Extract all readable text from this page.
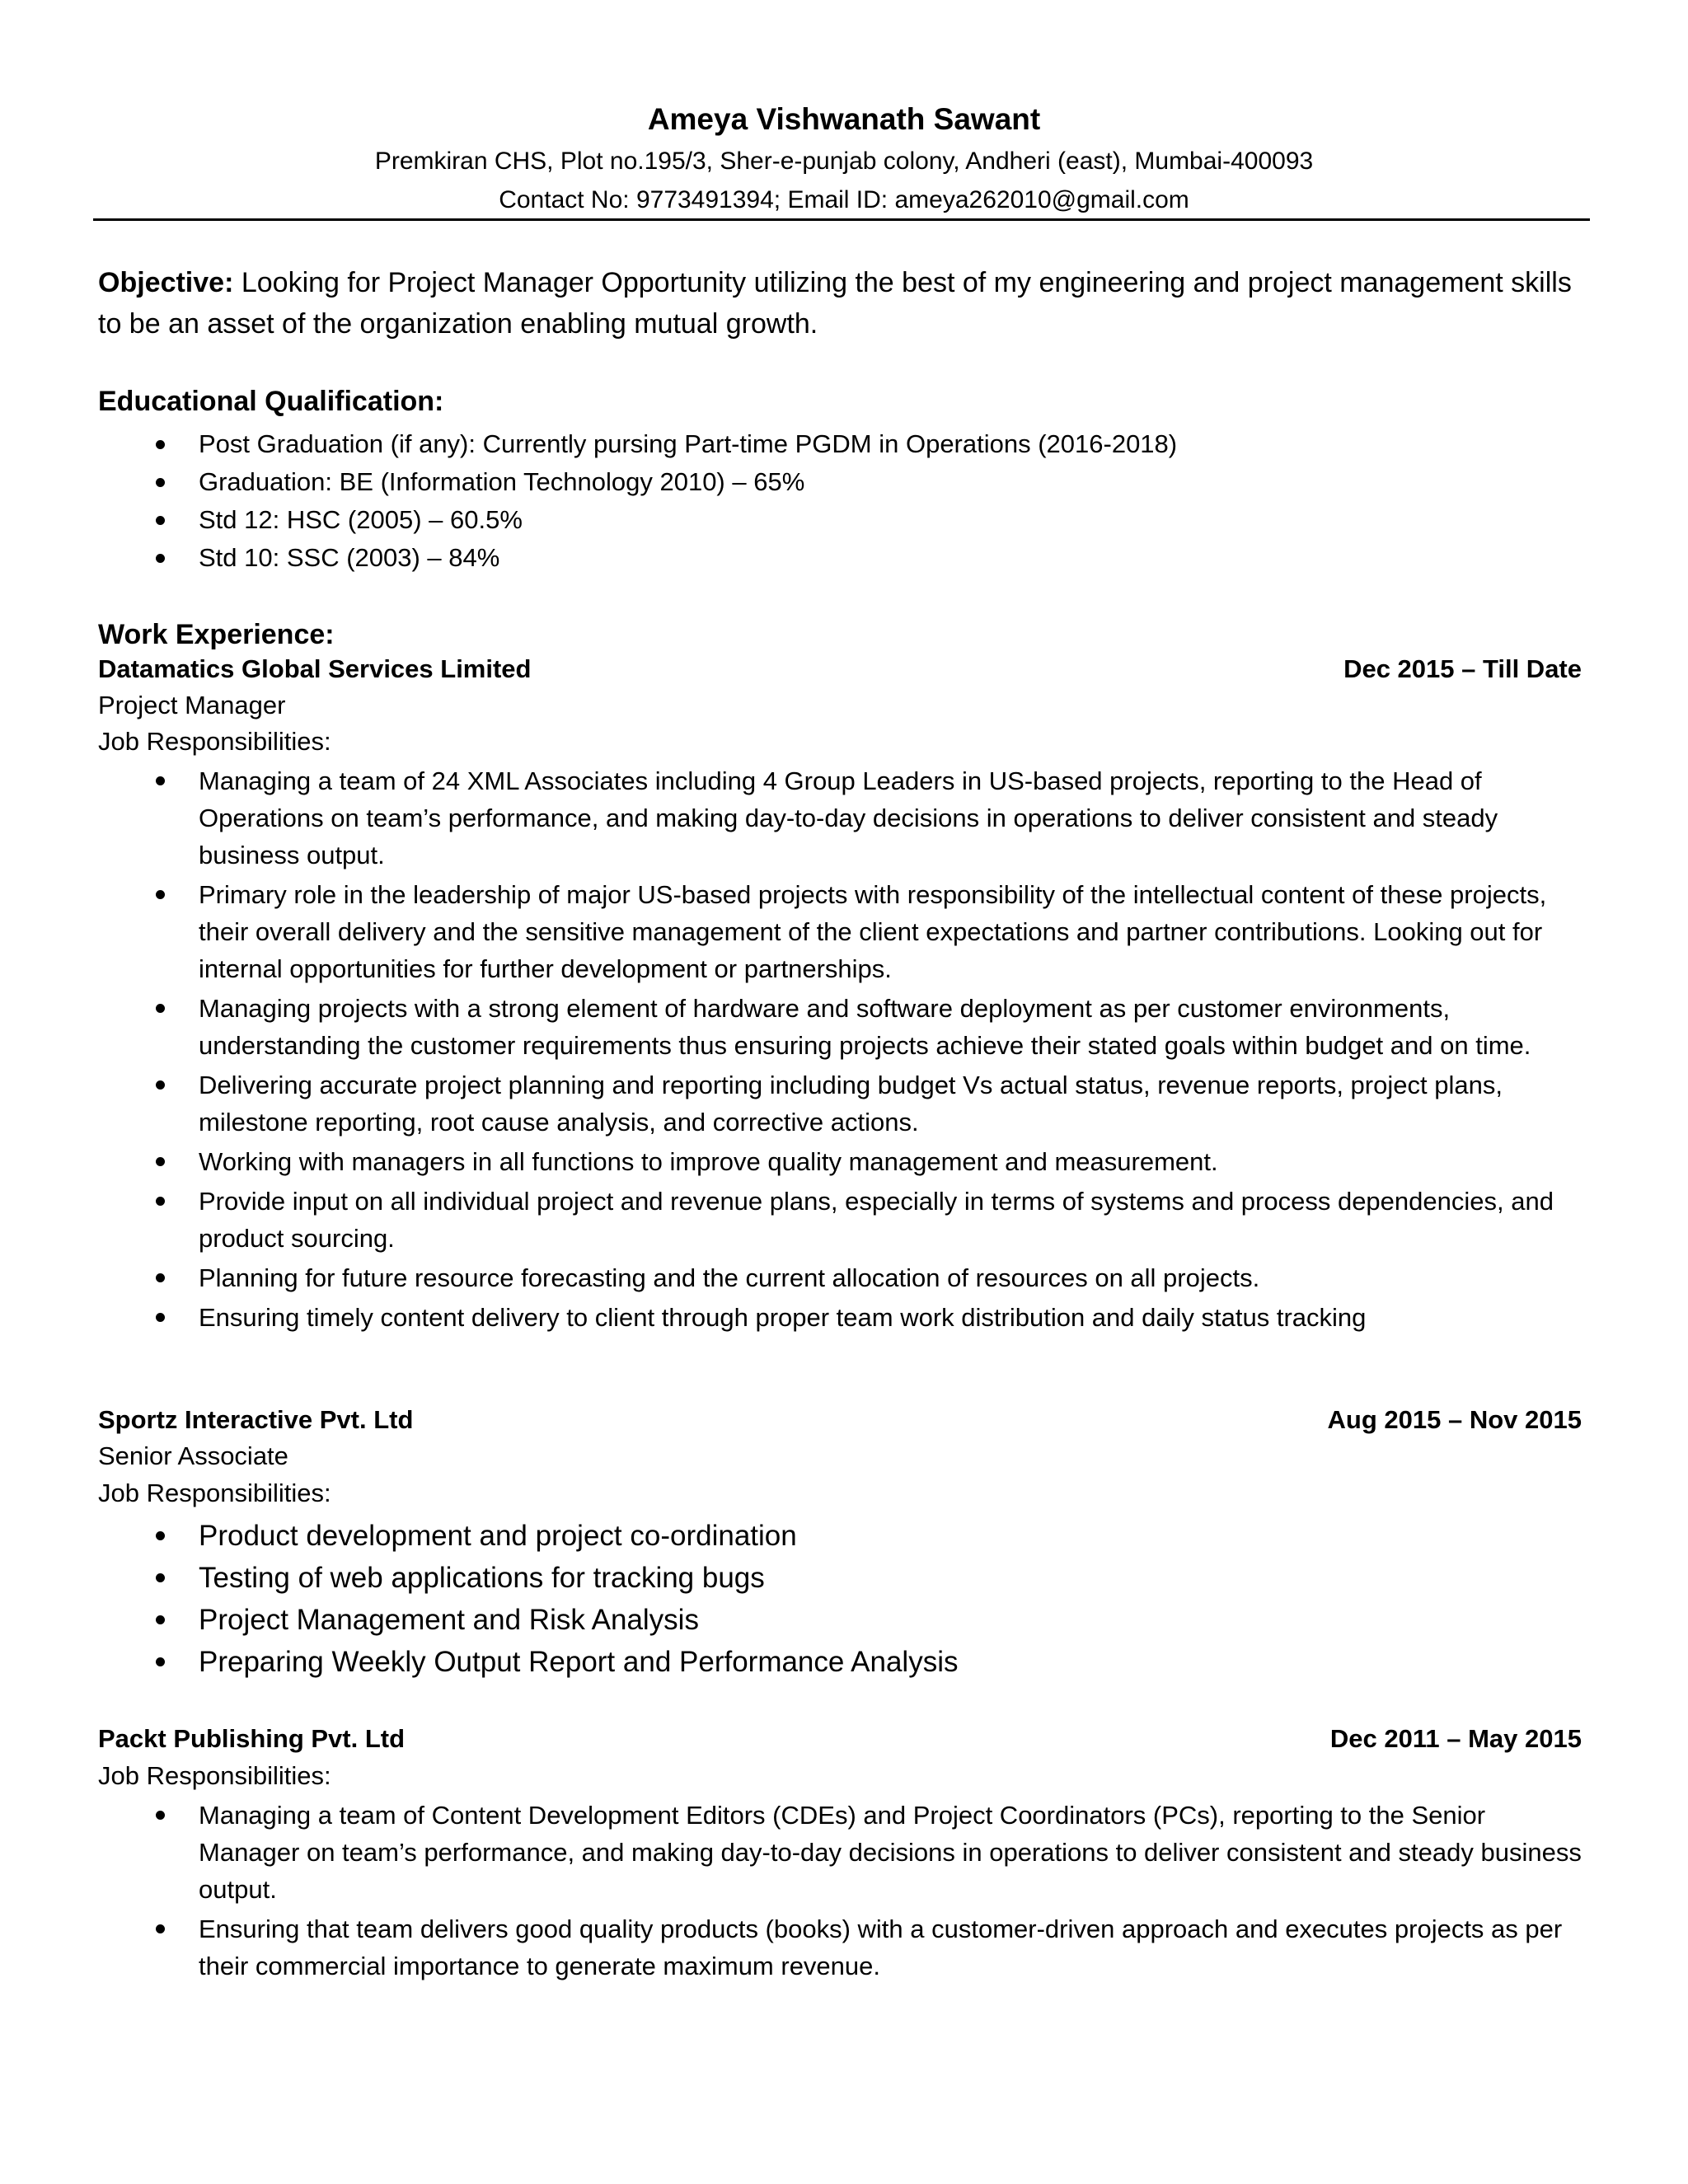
Ameya Vishwanath Sawant
Premkiran CHS, Plot no.195/3, Sher-e-punjab colony, Andheri (east), Mumbai-400093
Contact No: 9773491394; Email ID: ameya262010@gmail.com
Objective: Looking for Project Manager Opportunity utilizing the best of my engineering and project management skills to be an asset of the organization enabling mutual growth.
Educational Qualification:
Post Graduation (if any): Currently pursing Part-time PGDM in Operations (2016-2018)
Graduation: BE (Information Technology 2010) – 65%
Std 12: HSC (2005) – 60.5%
Std 10: SSC (2003) – 84%
Work Experience:
Datamatics Global Services Limited	Dec 2015 – Till Date
Project Manager
Job Responsibilities:
Managing a team of 24 XML Associates including 4 Group Leaders in US-based projects, reporting to the Head of Operations on team’s performance, and making day-to-day decisions in operations to deliver consistent and steady business output.
Primary role in the leadership of major US-based projects with responsibility of the intellectual content of these projects, their overall delivery and the sensitive management of the client expectations and partner contributions. Looking out for internal opportunities for further development or partnerships.
Managing projects with a strong element of hardware and software deployment as per customer environments, understanding the customer requirements thus ensuring projects achieve their stated goals within budget and on time.
Delivering accurate project planning and reporting including budget Vs actual status, revenue reports, project plans, milestone reporting, root cause analysis, and corrective actions.
Working with managers in all functions to improve quality management and measurement.
Provide input on all individual project and revenue plans, especially in terms of systems and process dependencies, and product sourcing.
Planning for future resource forecasting and the current allocation of resources on all projects.
Ensuring timely content delivery to client through proper team work distribution and daily status tracking
Sportz Interactive Pvt. Ltd	Aug 2015 – Nov 2015
Senior Associate
Job Responsibilities:
Product development and project co-ordination
Testing of web applications for tracking bugs
Project Management and Risk Analysis
Preparing Weekly Output Report and Performance Analysis
Packt Publishing Pvt. Ltd	Dec 2011 – May 2015
Job Responsibilities:
Managing a team of Content Development Editors (CDEs) and Project Coordinators (PCs), reporting to the Senior Manager on team’s performance, and making day-to-day decisions in operations to deliver consistent and steady business output.
Ensuring that team delivers good quality products (books) with a customer-driven approach and executes projects as per their commercial importance to generate maximum revenue.
